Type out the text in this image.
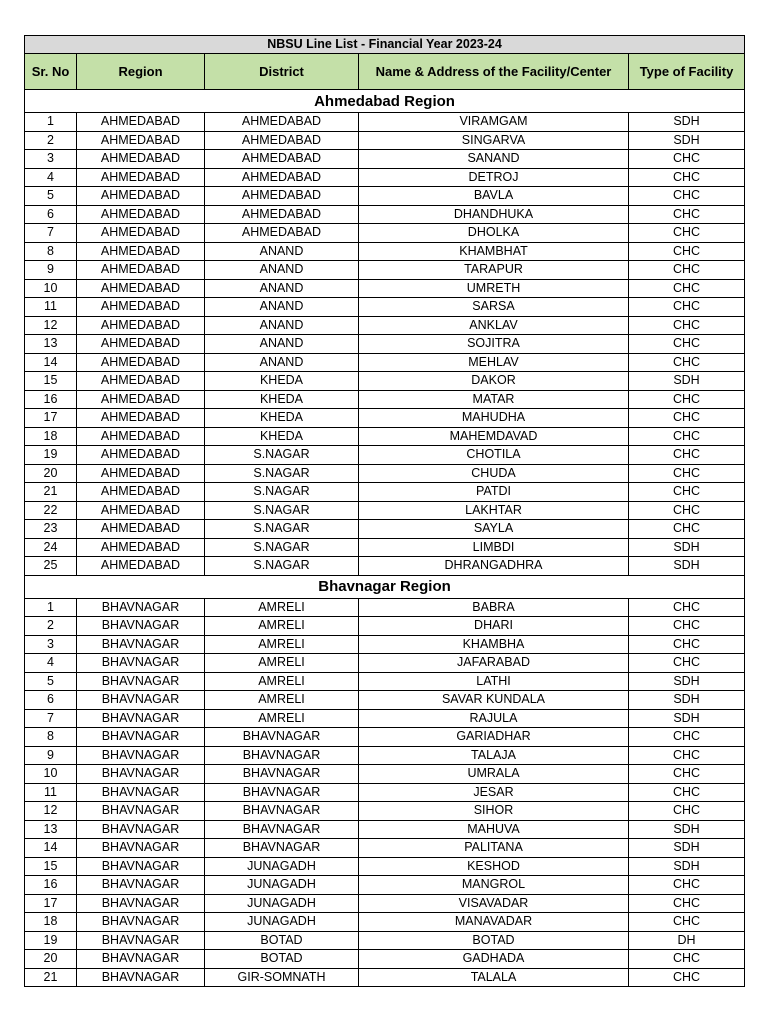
NBSU Line List - Financial Year 2023-24				
Sr. No	Region	District	Name & Address of the Facility/Center	Type of Facility
Ahmedabad Region				
1	AHMEDABAD	AHMEDABAD	VIRAMGAM	SDH
2	AHMEDABAD	AHMEDABAD	SINGARVA	SDH
3	AHMEDABAD	AHMEDABAD	SANAND	CHC
4	AHMEDABAD	AHMEDABAD	DETROJ	CHC
5	AHMEDABAD	AHMEDABAD	BAVLA	CHC
6	AHMEDABAD	AHMEDABAD	DHANDHUKA	CHC
7	AHMEDABAD	AHMEDABAD	DHOLKA	CHC
8	AHMEDABAD	ANAND	KHAMBHAT	CHC
9	AHMEDABAD	ANAND	TARAPUR	CHC
10	AHMEDABAD	ANAND	UMRETH	CHC
11	AHMEDABAD	ANAND	SARSA	CHC
12	AHMEDABAD	ANAND	ANKLAV	CHC
13	AHMEDABAD	ANAND	SOJITRA	CHC
14	AHMEDABAD	ANAND	MEHLAV	CHC
15	AHMEDABAD	KHEDA	DAKOR	SDH
16	AHMEDABAD	KHEDA	MATAR	CHC
17	AHMEDABAD	KHEDA	MAHUDHA	CHC
18	AHMEDABAD	KHEDA	MAHEMDAVAD	CHC
19	AHMEDABAD	S.NAGAR	CHOTILA	CHC
20	AHMEDABAD	S.NAGAR	CHUDA	CHC
21	AHMEDABAD	S.NAGAR	PATDI	CHC
22	AHMEDABAD	S.NAGAR	LAKHTAR	CHC
23	AHMEDABAD	S.NAGAR	SAYLA	CHC
24	AHMEDABAD	S.NAGAR	LIMBDI	SDH
25	AHMEDABAD	S.NAGAR	DHRANGADHRA	SDH
Bhavnagar Region				
1	BHAVNAGAR	AMRELI	BABRA	CHC
2	BHAVNAGAR	AMRELI	DHARI	CHC
3	BHAVNAGAR	AMRELI	KHAMBHA	CHC
4	BHAVNAGAR	AMRELI	JAFARABAD	CHC
5	BHAVNAGAR	AMRELI	LATHI	SDH
6	BHAVNAGAR	AMRELI	SAVAR KUNDALA	SDH
7	BHAVNAGAR	AMRELI	RAJULA	SDH
8	BHAVNAGAR	BHAVNAGAR	GARIADHAR	CHC
9	BHAVNAGAR	BHAVNAGAR	TALAJA	CHC
10	BHAVNAGAR	BHAVNAGAR	UMRALA	CHC
11	BHAVNAGAR	BHAVNAGAR	JESAR	CHC
12	BHAVNAGAR	BHAVNAGAR	SIHOR	CHC
13	BHAVNAGAR	BHAVNAGAR	MAHUVA	SDH
14	BHAVNAGAR	BHAVNAGAR	PALITANA	SDH
15	BHAVNAGAR	JUNAGADH	KESHOD	SDH
16	BHAVNAGAR	JUNAGADH	MANGROL	CHC
17	BHAVNAGAR	JUNAGADH	VISAVADAR	CHC
18	BHAVNAGAR	JUNAGADH	MANAVADAR	CHC
19	BHAVNAGAR	BOTAD	BOTAD	DH
20	BHAVNAGAR	BOTAD	GADHADA	CHC
21	BHAVNAGAR	GIR-SOMNATH	TALALA	CHC
